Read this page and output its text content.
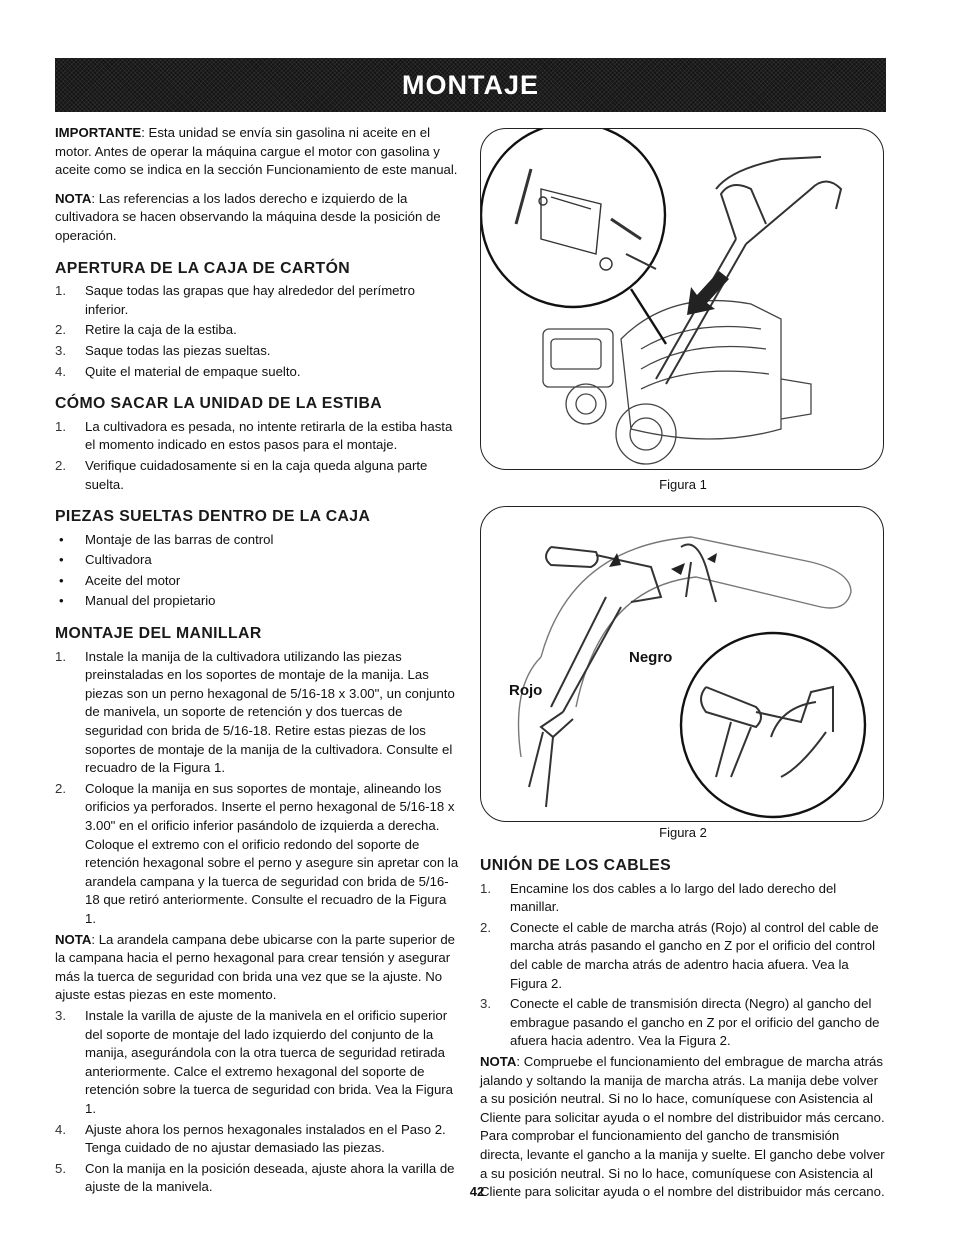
MONTAJE

IMPORTANTE: Esta unidad se envía sin gasolina ni aceite en el motor. Antes de operar la máquina cargue el motor con gasolina y aceite como se indica en la sección Funcionamiento de este manual.

NOTA: Las referencias a los lados derecho e izquierdo de la cultivadora se hacen observando la máquina desde la posición de operación.

APERTURA DE LA CAJA DE CARTÓN
1. Saque todas las grapas que hay alrededor del perímetro inferior.
2. Retire la caja de la estiba.
3. Saque todas las piezas sueltas.
4. Quite el material de empaque suelto.
CÓMO SACAR LA UNIDAD DE LA ESTIBA
1. La cultivadora es pesada, no intente retirarla de la estiba hasta el momento indicado en estos pasos para el montaje.
2. Verifique cuidadosamente si en la caja queda alguna parte suelta.
PIEZAS SUELTAS DENTRO DE LA CAJA
• Montaje de las barras de control
• Cultivadora
• Aceite del motor
• Manual del propietario
MONTAJE DEL MANILLAR
1. Instale la manija de la cultivadora utilizando las piezas preinstaladas en los soportes de montaje de la manija. Las piezas son un perno hexagonal de 5/16-18 x 3.00", un conjunto de manivela, un soporte de retención y dos tuercas de seguridad con brida de 5/16-18. Retire estas piezas de los soportes de montaje de la manija de la cultivadora. Consulte el recuadro de la Figura 1.
2. Coloque la manija en sus soportes de montaje, alineando los orificios ya perforados. Inserte el perno hexagonal de 5/16-18 x 3.00" en el orificio inferior pasándolo de izquierda a derecha. Coloque el extremo con el orificio redondo del soporte de retención hexagonal sobre el perno y asegure sin apretar con la arandela campana y la tuerca de seguridad con brida de 5/16-18 que retiró anteriormente. Consulte el recuadro de la Figura 1.

NOTA: La arandela campana debe ubicarse con la parte superior de la campana hacia el perno hexagonal para crear tensión y asegurar más la tuerca de seguridad con brida una vez que se la ajuste. No ajuste estas piezas en este momento.

3. Instale la varilla de ajuste de la manivela en el orificio superior del soporte de montaje del lado izquierdo del conjunto de la manija, asegurándola con la otra tuerca de seguridad retirada anteriormente. Calce el extremo hexagonal del soporte de retención sobre la tuerca de seguridad con brida. Vea la Figura 1.
4. Ajuste ahora los pernos hexagonales instalados en el Paso 2. Tenga cuidado de no ajustar demasiado las piezas.
5. Con la manija en la posición deseada, ajuste ahora la varilla de ajuste de la manivela.
Figura 1
Negro
Rojo
Figura 2
UNIÓN DE LOS CABLES
1. Encamine los dos cables a lo largo del lado derecho del manillar.
2. Conecte el cable de marcha atrás (Rojo) al control del cable de marcha atrás pasando el gancho en Z por el orificio del control del cable de marcha atrás de adentro hacia afuera. Vea la Figura 2.
3. Conecte el cable de transmisión directa (Negro) al gancho del embrague pasando el gancho en Z por el orificio del gancho de afuera hacia adentro. Vea la Figura 2.

NOTA: Compruebe el funcionamiento del embrague de marcha atrás jalando y soltando la manija de marcha atrás. La manija debe volver a su posición neutral. Si no lo hace, comuníquese con Asistencia al Cliente para solicitar ayuda o el nombre del distribuidor más cercano.

Para comprobar el funcionamiento del gancho de transmisión directa, levante el gancho a la manija y suelte. El gancho debe volver a su posición neutral. Si no lo hace, comuníquese con Asistencia al Cliente para solicitar ayuda o el nombre del distribuidor más cercano.

42
